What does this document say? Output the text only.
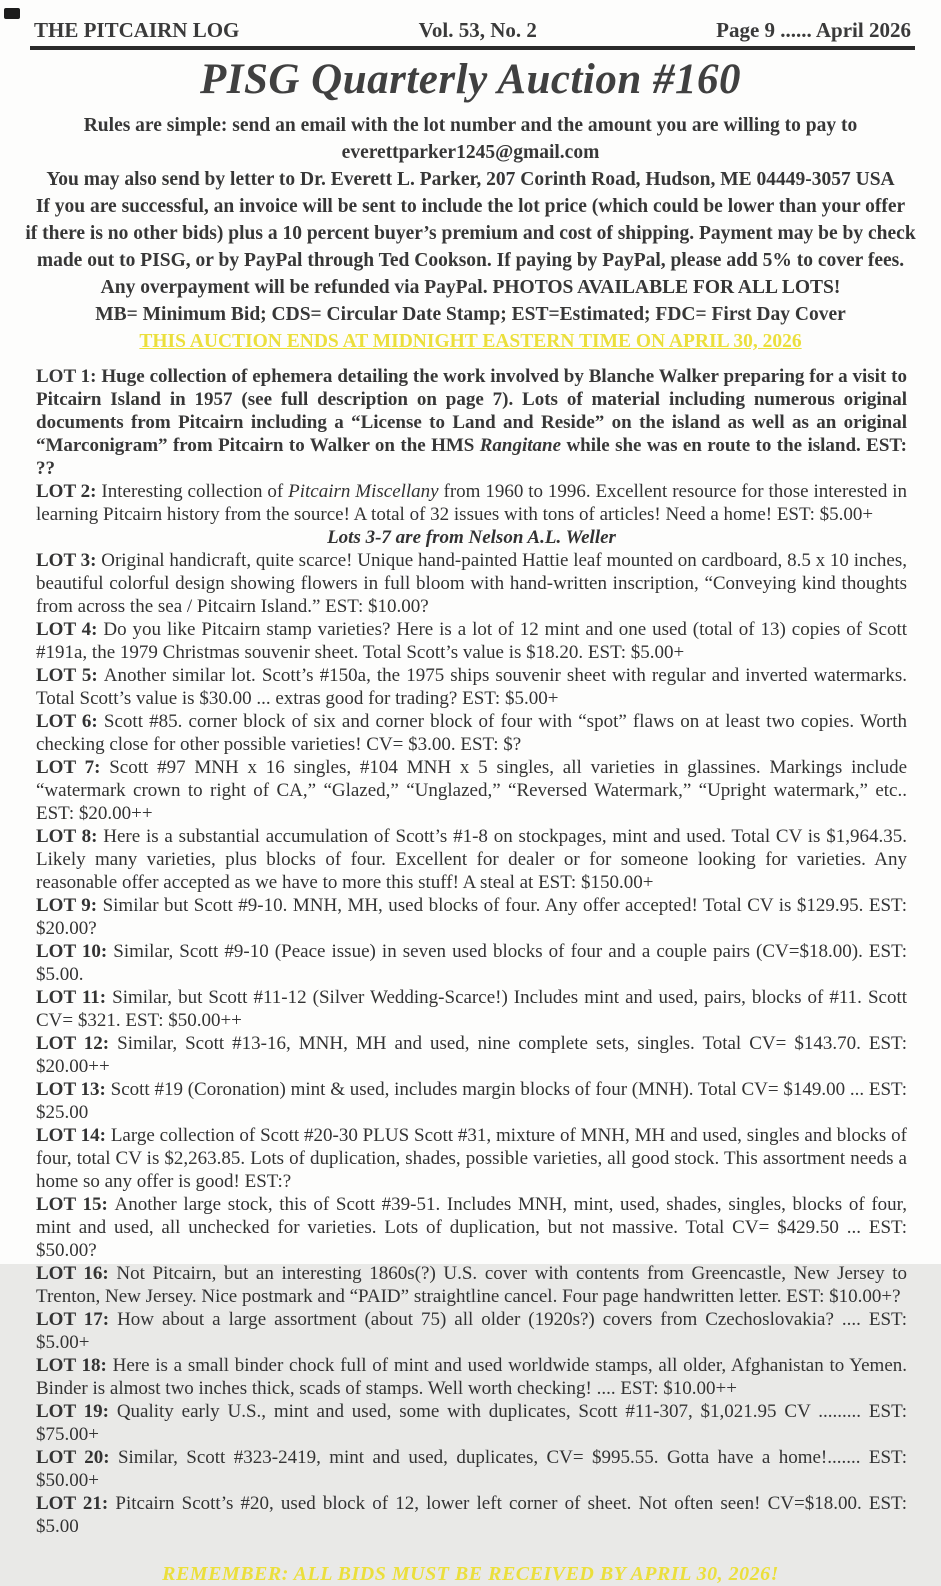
THE PITCAIRN LOG	Vol. 53, No. 2	Page 9 ...... April 2026
PISG Quarterly Auction #160
Rules are simple: send an email with the lot number and the amount you are willing to pay to
everettparker1245@gmail.com
You may also send by letter to Dr. Everett L. Parker, 207 Corinth Road, Hudson, ME 04449-3057 USA
If you are successful, an invoice will be sent to include the lot price (which could be lower than your offer
if there is no other bids) plus a 10 percent buyer’s premium and cost of shipping. Payment may be by check
made out to PISG, or by PayPal through Ted Cookson. If paying by PayPal, please add 5% to cover fees.
Any overpayment will be refunded via PayPal. PHOTOS AVAILABLE FOR ALL LOTS!
MB= Minimum Bid; CDS= Circular Date Stamp; EST=Estimated; FDC= First Day Cover
THIS AUCTION ENDS AT MIDNIGHT EASTERN TIME ON APRIL 30, 2026

LOT 1: Huge collection of ephemera detailing the work involved by Blanche Walker preparing for a visit to Pitcairn Island in 1957 (see full description on page 7). Lots of material including numerous original documents from Pitcairn including a “License to Land and Reside” on the island as well as an original “Marconigram” from Pitcairn to Walker on the HMS Rangitane while she was en route to the island. EST: ??

LOT 2: Interesting collection of Pitcairn Miscellany from 1960 to 1996. Excellent resource for those interested in learning Pitcairn history from the source! A total of 32 issues with tons of articles! Need a home! EST: $5.00+

Lots 3-7 are from Nelson A.L. Weller

LOT 3: Original handicraft, quite scarce! Unique hand-painted Hattie leaf mounted on cardboard, 8.5 x 10 inches, beautiful colorful design showing flowers in full bloom with hand-written inscription, “Conveying kind thoughts from across the sea / Pitcairn Island.” EST: $10.00?

LOT 4: Do you like Pitcairn stamp varieties? Here is a lot of 12 mint and one used (total of 13) copies of Scott #191a, the 1979 Christmas souvenir sheet. Total Scott’s value is $18.20. EST: $5.00+

LOT 5: Another similar lot. Scott’s #150a, the 1975 ships souvenir sheet with regular and inverted watermarks. Total Scott’s value is $30.00 ... extras good for trading? EST: $5.00+

LOT 6: Scott #85. corner block of six and corner block of four with “spot” flaws on at least two copies. Worth checking close for other possible varieties! CV= $3.00. EST: $?

LOT 7: Scott #97 MNH x 16 singles, #104 MNH x 5 singles, all varieties in glassines. Markings include “watermark crown to right of CA,” “Glazed,” “Unglazed,” “Reversed Watermark,” “Upright watermark,” etc.. EST: $20.00++

LOT 8: Here is a substantial accumulation of Scott’s #1-8 on stockpages, mint and used. Total CV is $1,964.35. Likely many varieties, plus blocks of four. Excellent for dealer or for someone looking for varieties. Any reasonable offer accepted as we have to more this stuff! A steal at EST: $150.00+

LOT 9: Similar but Scott #9-10. MNH, MH, used blocks of four. Any offer accepted! Total CV is $129.95. EST: $20.00?

LOT 10: Similar, Scott #9-10 (Peace issue) in seven used blocks of four and a couple pairs (CV=$18.00). EST: $5.00.

LOT 11: Similar, but Scott #11-12 (Silver Wedding-Scarce!) Includes mint and used, pairs, blocks of #11. Scott CV= $321. EST: $50.00++

LOT 12: Similar, Scott #13-16, MNH, MH and used, nine complete sets, singles. Total CV= $143.70. EST: $20.00++

LOT 13: Scott #19 (Coronation) mint & used, includes margin blocks of four (MNH). Total CV= $149.00 ... EST: $25.00

LOT 14: Large collection of Scott #20-30 PLUS Scott #31, mixture of MNH, MH and used, singles and blocks of four, total CV is $2,263.85. Lots of duplication, shades, possible varieties, all good stock. This assortment needs a home so any offer is good! EST:?

LOT 15: Another large stock, this of Scott #39-51. Includes MNH, mint, used, shades, singles, blocks of four, mint and used, all unchecked for varieties. Lots of duplication, but not massive. Total CV= $429.50 ... EST: $50.00?

LOT 16: Not Pitcairn, but an interesting 1860s(?) U.S. cover with contents from Greencastle, New Jersey to Trenton, New Jersey. Nice postmark and “PAID” straightline cancel. Four page handwritten letter. EST: $10.00+?

LOT 17: How about a large assortment (about 75) all older (1920s?) covers from Czechoslovakia? .... EST: $5.00+

LOT 18: Here is a small binder chock full of mint and used worldwide stamps, all older, Afghanistan to Yemen. Binder is almost two inches thick, scads of stamps. Well worth checking! .... EST: $10.00++

LOT 19: Quality early U.S., mint and used, some with duplicates, Scott #11-307, $1,021.95 CV ......... EST: $75.00+

LOT 20: Similar, Scott #323-2419, mint and used, duplicates, CV= $995.55. Gotta have a home!....... EST: $50.00+

LOT 21: Pitcairn Scott’s #20, used block of 12, lower left corner of sheet. Not often seen! CV=$18.00. EST: $5.00

REMEMBER: ALL BIDS MUST BE RECEIVED BY APRIL 30, 2026!
